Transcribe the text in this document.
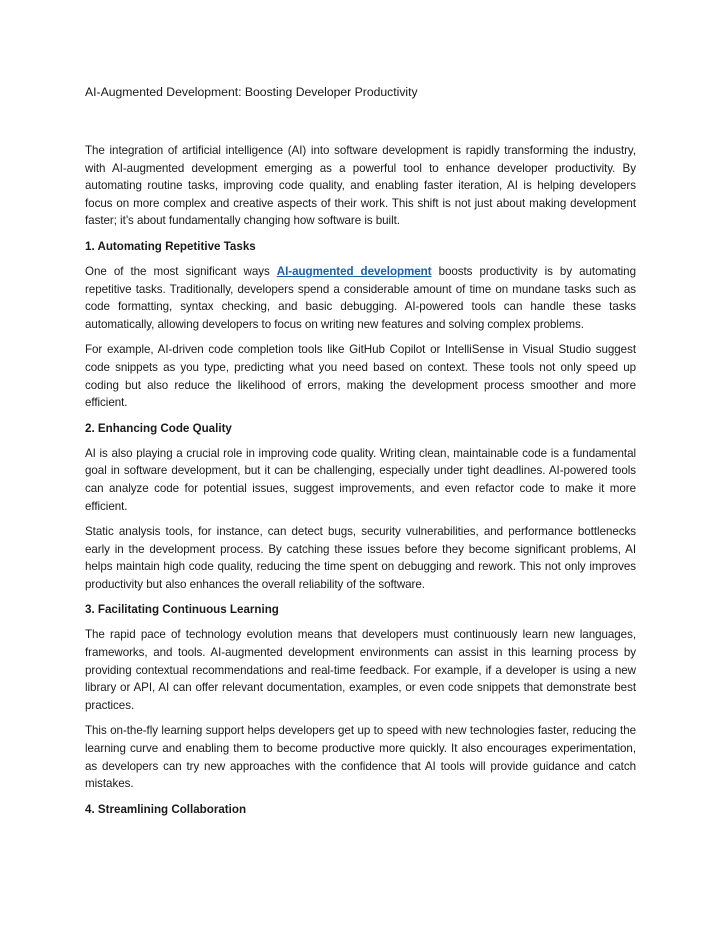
AI-Augmented Development: Boosting Developer Productivity

The integration of artificial intelligence (AI) into software development is rapidly transforming the industry, with AI-augmented development emerging as a powerful tool to enhance developer productivity. By automating routine tasks, improving code quality, and enabling faster iteration, AI is helping developers focus on more complex and creative aspects of their work. This shift is not just about making development faster; it’s about fundamentally changing how software is built.

1. Automating Repetitive Tasks

One of the most significant ways AI-augmented development boosts productivity is by automating repetitive tasks. Traditionally, developers spend a considerable amount of time on mundane tasks such as code formatting, syntax checking, and basic debugging. AI-powered tools can handle these tasks automatically, allowing developers to focus on writing new features and solving complex problems.

For example, AI-driven code completion tools like GitHub Copilot or IntelliSense in Visual Studio suggest code snippets as you type, predicting what you need based on context. These tools not only speed up coding but also reduce the likelihood of errors, making the development process smoother and more efficient.

2. Enhancing Code Quality

AI is also playing a crucial role in improving code quality. Writing clean, maintainable code is a fundamental goal in software development, but it can be challenging, especially under tight deadlines. AI-powered tools can analyze code for potential issues, suggest improvements, and even refactor code to make it more efficient.

Static analysis tools, for instance, can detect bugs, security vulnerabilities, and performance bottlenecks early in the development process. By catching these issues before they become significant problems, AI helps maintain high code quality, reducing the time spent on debugging and rework. This not only improves productivity but also enhances the overall reliability of the software.

3. Facilitating Continuous Learning

The rapid pace of technology evolution means that developers must continuously learn new languages, frameworks, and tools. AI-augmented development environments can assist in this learning process by providing contextual recommendations and real-time feedback. For example, if a developer is using a new library or API, AI can offer relevant documentation, examples, or even code snippets that demonstrate best practices.

This on-the-fly learning support helps developers get up to speed with new technologies faster, reducing the learning curve and enabling them to become productive more quickly. It also encourages experimentation, as developers can try new approaches with the confidence that AI tools will provide guidance and catch mistakes.

4. Streamlining Collaboration
